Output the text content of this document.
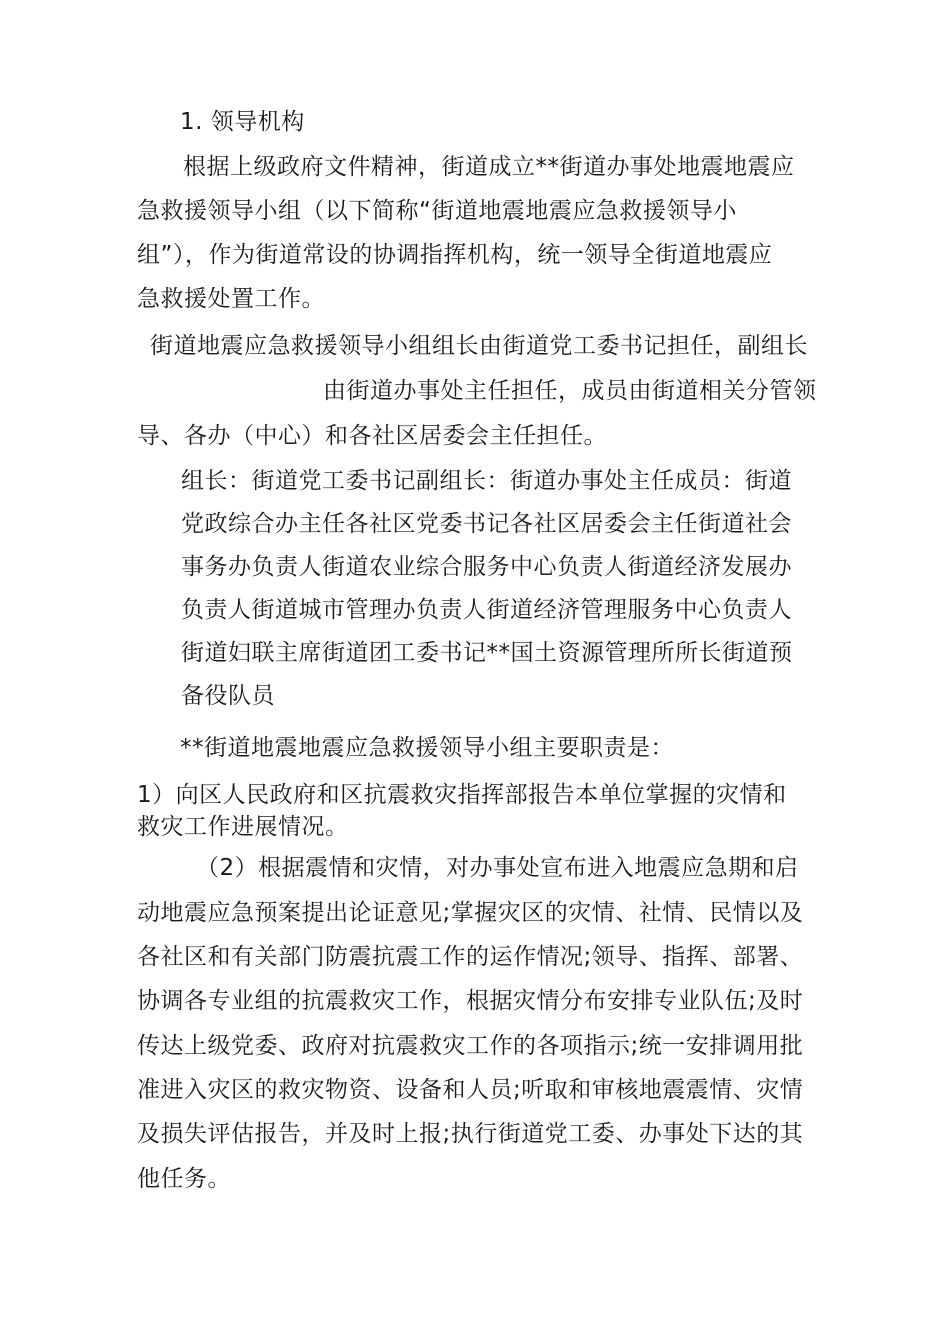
1. 领导机构
根据上级政府文件精神，街道成立**街道办事处地震地震应
急救援领导小组（以下简称“街道地震地震应急救援领导小
组”），作为街道常设的协调指挥机构，统一领导全街道地震应
急救援处置工作。
街道地震应急救援领导小组组长由街道党工委书记担任，副组长
由街道办事处主任担任，成员由街道相关分管领
导、各办（中心）和各社区居委会主任担任。
组长：街道党工委书记副组长：街道办事处主任成员：街道
党政综合办主任各社区党委书记各社区居委会主任街道社会
事务办负责人街道农业综合服务中心负责人街道经济发展办
负责人街道城市管理办负责人街道经济管理服务中心负责人
街道妇联主席街道团工委书记**国土资源管理所所长街道预
备役队员
**街道地震地震应急救援领导小组主要职责是：
1）向区人民政府和区抗震救灾指挥部报告本单位掌握的灾情和
救灾工作进展情况。
（2）根据震情和灾情，对办事处宣布进入地震应急期和启
动地震应急预案提出论证意见;掌握灾区的灾情、社情、民情以及
各社区和有关部门防震抗震工作的运作情况;领导、指挥、部署、
协调各专业组的抗震救灾工作，根据灾情分布安排专业队伍;及时
传达上级党委、政府对抗震救灾工作的各项指示;统一安排调用批
准进入灾区的救灾物资、设备和人员;听取和审核地震震情、灾情
及损失评估报告，并及时上报;执行街道党工委、办事处下达的其
他任务。
